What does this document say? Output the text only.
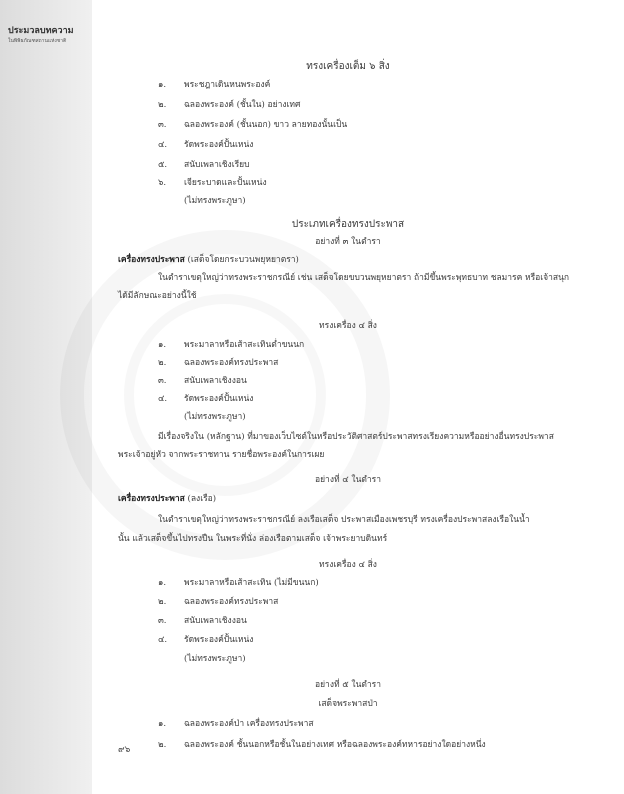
ประมวลบทความ
ในพิพิธภัณฑสถานแห่งชาติ
ทรงเครื่องเต็ม ๖ สิ่ง
๑. พระชฎาเดินหนพระองค์
๒. ฉลองพระองค์ (ชั้นใน) อย่างเทศ
๓. ฉลองพระองค์ (ชั้นนอก) ขาว ลายทองนั้นเป็น
๔. รัดพระองค์ปั้นเหน่ง
๕. สนับเพลาเชิงเรียบ
๖. เจียระบาดและปั้นเหน่ง
(ไม่ทรงพระภูษา)
ประเภทเครื่องทรงประพาส
อย่างที่ ๓ ในตำรา
เครื่องทรงประพาส (เสด็จโดยกระบวนพยุหยาตรา)
ในตำราเขตุใหญ่ว่าทรงพระราชกรณีย์ เช่น เสด็จโดยขบวนพยุหยาตรา ถ้ามีขึ้นพระพุทธบาท ชลมารค หรือเจ้าสนุก
ได้มีลักษณะอย่างนี้ใช้
ทรงเครื่อง ๔ สิ่ง
๑. พระมาลาหรือเส้าสะเทินต่ำขนนก
๒. ฉลองพระองค์ทรงประพาส
๓. สนับเพลาเชิงงอน
๔. รัดพระองค์ปั้นเหน่ง
(ไม่ทรงพระภูษา)
มีเรื่องจริงใน (หลักฐาน) ที่มาของเว็บไซต์ในหรือประวัติศาสตร์ประพาสทรงเรียงความหรืออย่างอื่นทรงประพาส
พระเจ้าอยู่หัว จากพระราชทาน รายชื่อพระองค์ในการเผย
อย่างที่ ๔ ในตำรา
เครื่องทรงประพาส (ลงเรือ)
ในตำราเขตุใหญ่ว่าทรงพระราชกรณีย์ ลงเรือเสด็จ ประพาสเมืองเพชรบุรี ทรงเครื่องประพาสลงเรือในน้ำ
นั้น แล้วเสด็จขึ้นไปทรงปืน ในพระที่นั่ง ล่องเรือตามเสด็จ เจ้าพระยาบดินทร์
ทรงเครื่อง ๔ สิ่ง
๑. พระมาลาหรือเส้าสะเทิน (ไม่มีขนนก)
๒. ฉลองพระองค์ทรงประพาส
๓. สนับเพลาเชิงงอน
๔. รัดพระองค์ปั้นเหน่ง
(ไม่ทรงพระภูษา)
อย่างที่ ๕ ในตำรา
เสด็จพระพาสป่า
๑. ฉลองพระองค์ป่า เครื่องทรงประพาส
๒. ฉลองพระองค์ ชั้นนอกหรือชั้นในอย่างเทศ หรือฉลองพระองค์ทหารอย่างใดอย่างหนึ่ง
๙๖
